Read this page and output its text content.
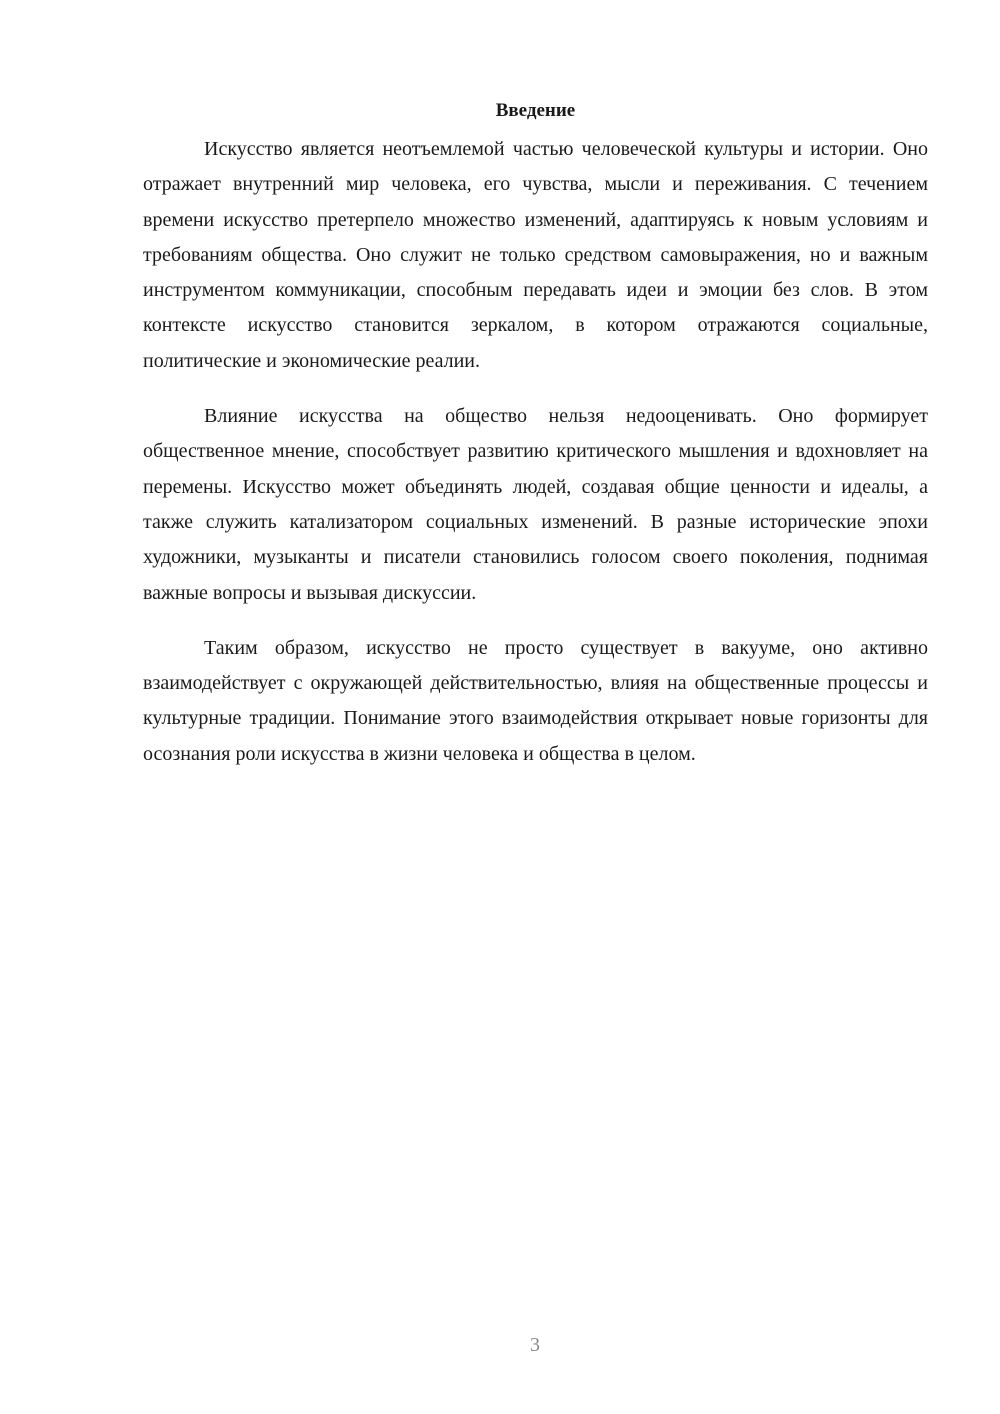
Введение

Искусство является неотъемлемой частью человеческой культуры и истории. Оно отражает внутренний мир человека, его чувства, мысли и переживания. С течением времени искусство претерпело множество изменений, адаптируясь к новым условиям и требованиям общества. Оно служит не только средством самовыражения, но и важным инструментом коммуникации, способным передавать идеи и эмоции без слов. В этом контексте искусство становится зеркалом, в котором отражаются социальные, политические и экономические реалии.

Влияние искусства на общество нельзя недооценивать. Оно формирует общественное мнение, способствует развитию критического мышления и вдохновляет на перемены. Искусство может объединять людей, создавая общие ценности и идеалы, а также служить катализатором социальных изменений. В разные исторические эпохи художники, музыканты и писатели становились голосом своего поколения, поднимая важные вопросы и вызывая дискуссии.

Таким образом, искусство не просто существует в вакууме, оно активно взаимодействует с окружающей действительностью, влияя на общественные процессы и культурные традиции. Понимание этого взаимодействия открывает новые горизонты для осознания роли искусства в жизни человека и общества в целом.

3
